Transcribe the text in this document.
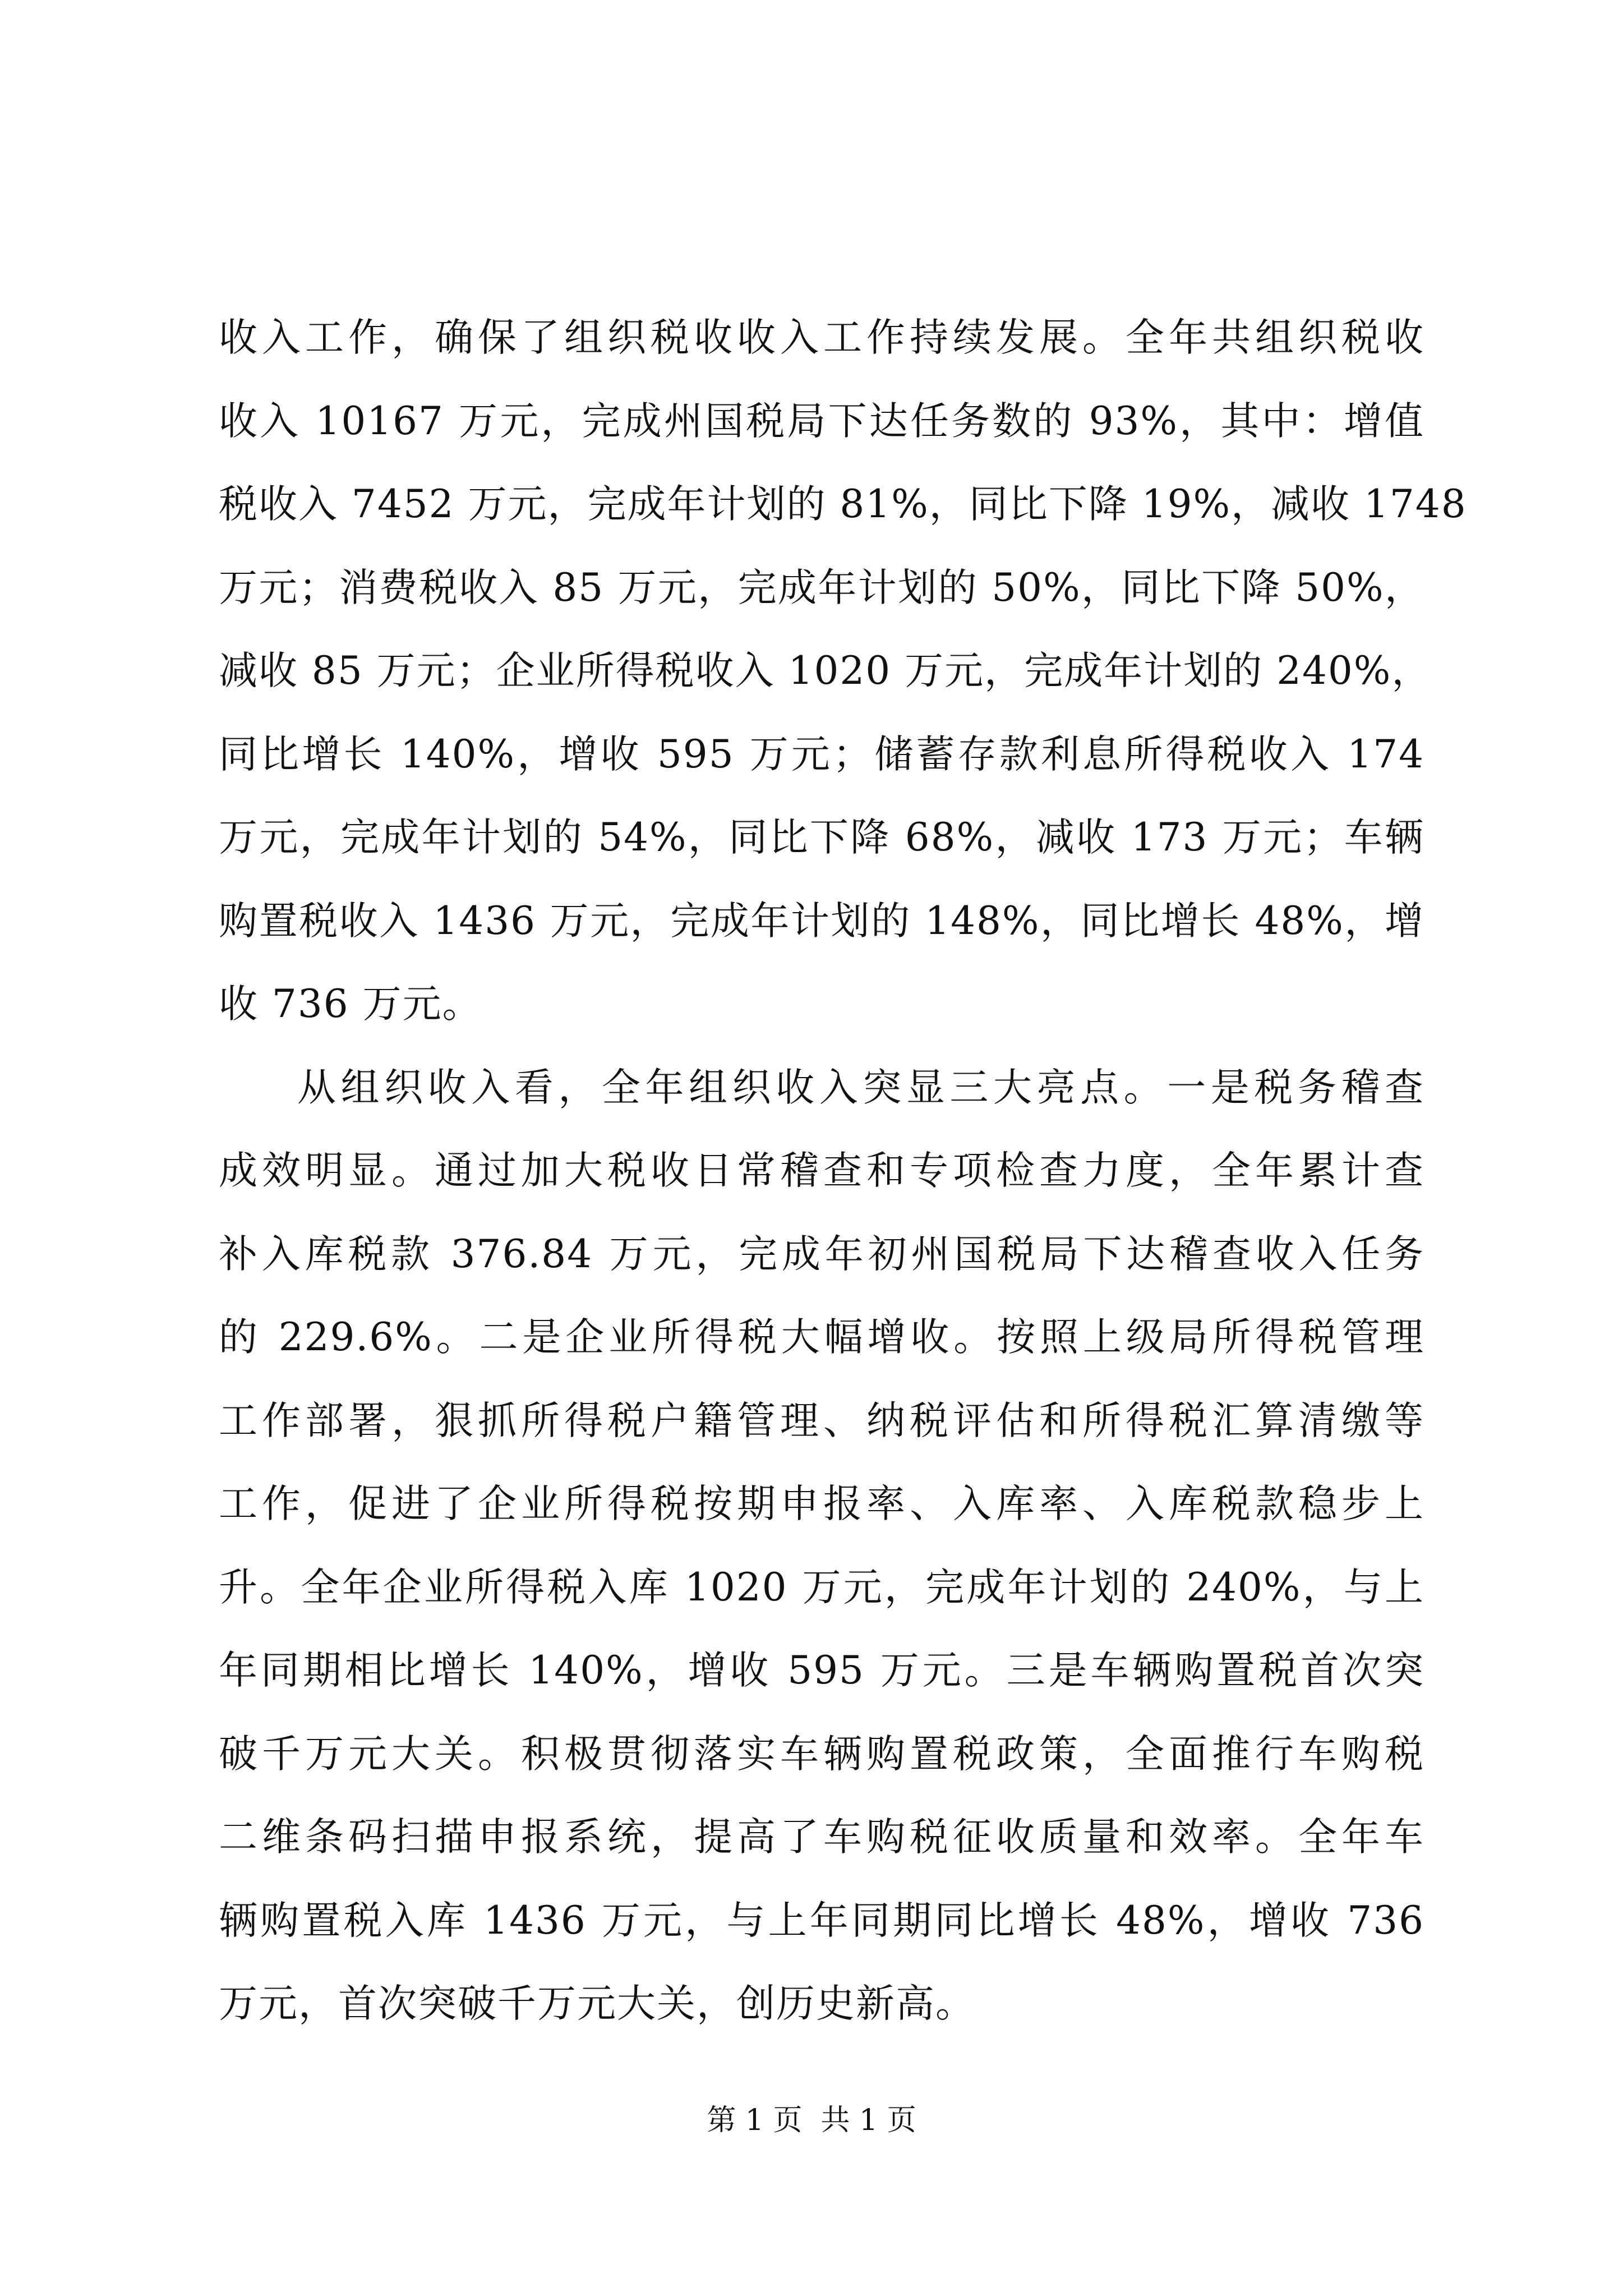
收入工作，确保了组织税收收入工作持续发展。全年共组织税收
收入 10167 万元，完成州国税局下达任务数的 93%，其中：增值
税收入 7452 万元，完成年计划的 81%，同比下降 19%，减收 1748
万元；消费税收入 85 万元，完成年计划的 50%，同比下降 50%，
减收 85 万元；企业所得税收入 1020 万元，完成年计划的 240%，
同比增长 140%，增收 595 万元；储蓄存款利息所得税收入 174
万元，完成年计划的 54%，同比下降 68%，减收 173 万元；车辆
购置税收入 1436 万元，完成年计划的 148%，同比增长 48%，增
收 736 万元。
从组织收入看，全年组织收入突显三大亮点。一是税务稽查
成效明显。通过加大税收日常稽查和专项检查力度，全年累计查
补入库税款 376.84 万元，完成年初州国税局下达稽查收入任务
的 229.6%。二是企业所得税大幅增收。按照上级局所得税管理
工作部署，狠抓所得税户籍管理、纳税评估和所得税汇算清缴等
工作，促进了企业所得税按期申报率、入库率、入库税款稳步上
升。全年企业所得税入库 1020 万元，完成年计划的 240%，与上
年同期相比增长 140%，增收 595 万元。三是车辆购置税首次突
破千万元大关。积极贯彻落实车辆购置税政策，全面推行车购税
二维条码扫描申报系统，提高了车购税征收质量和效率。全年车
辆购置税入库 1436 万元，与上年同期同比增长 48%，增收 736
万元，首次突破千万元大关，创历史新高。
第 1 页  共 1 页
